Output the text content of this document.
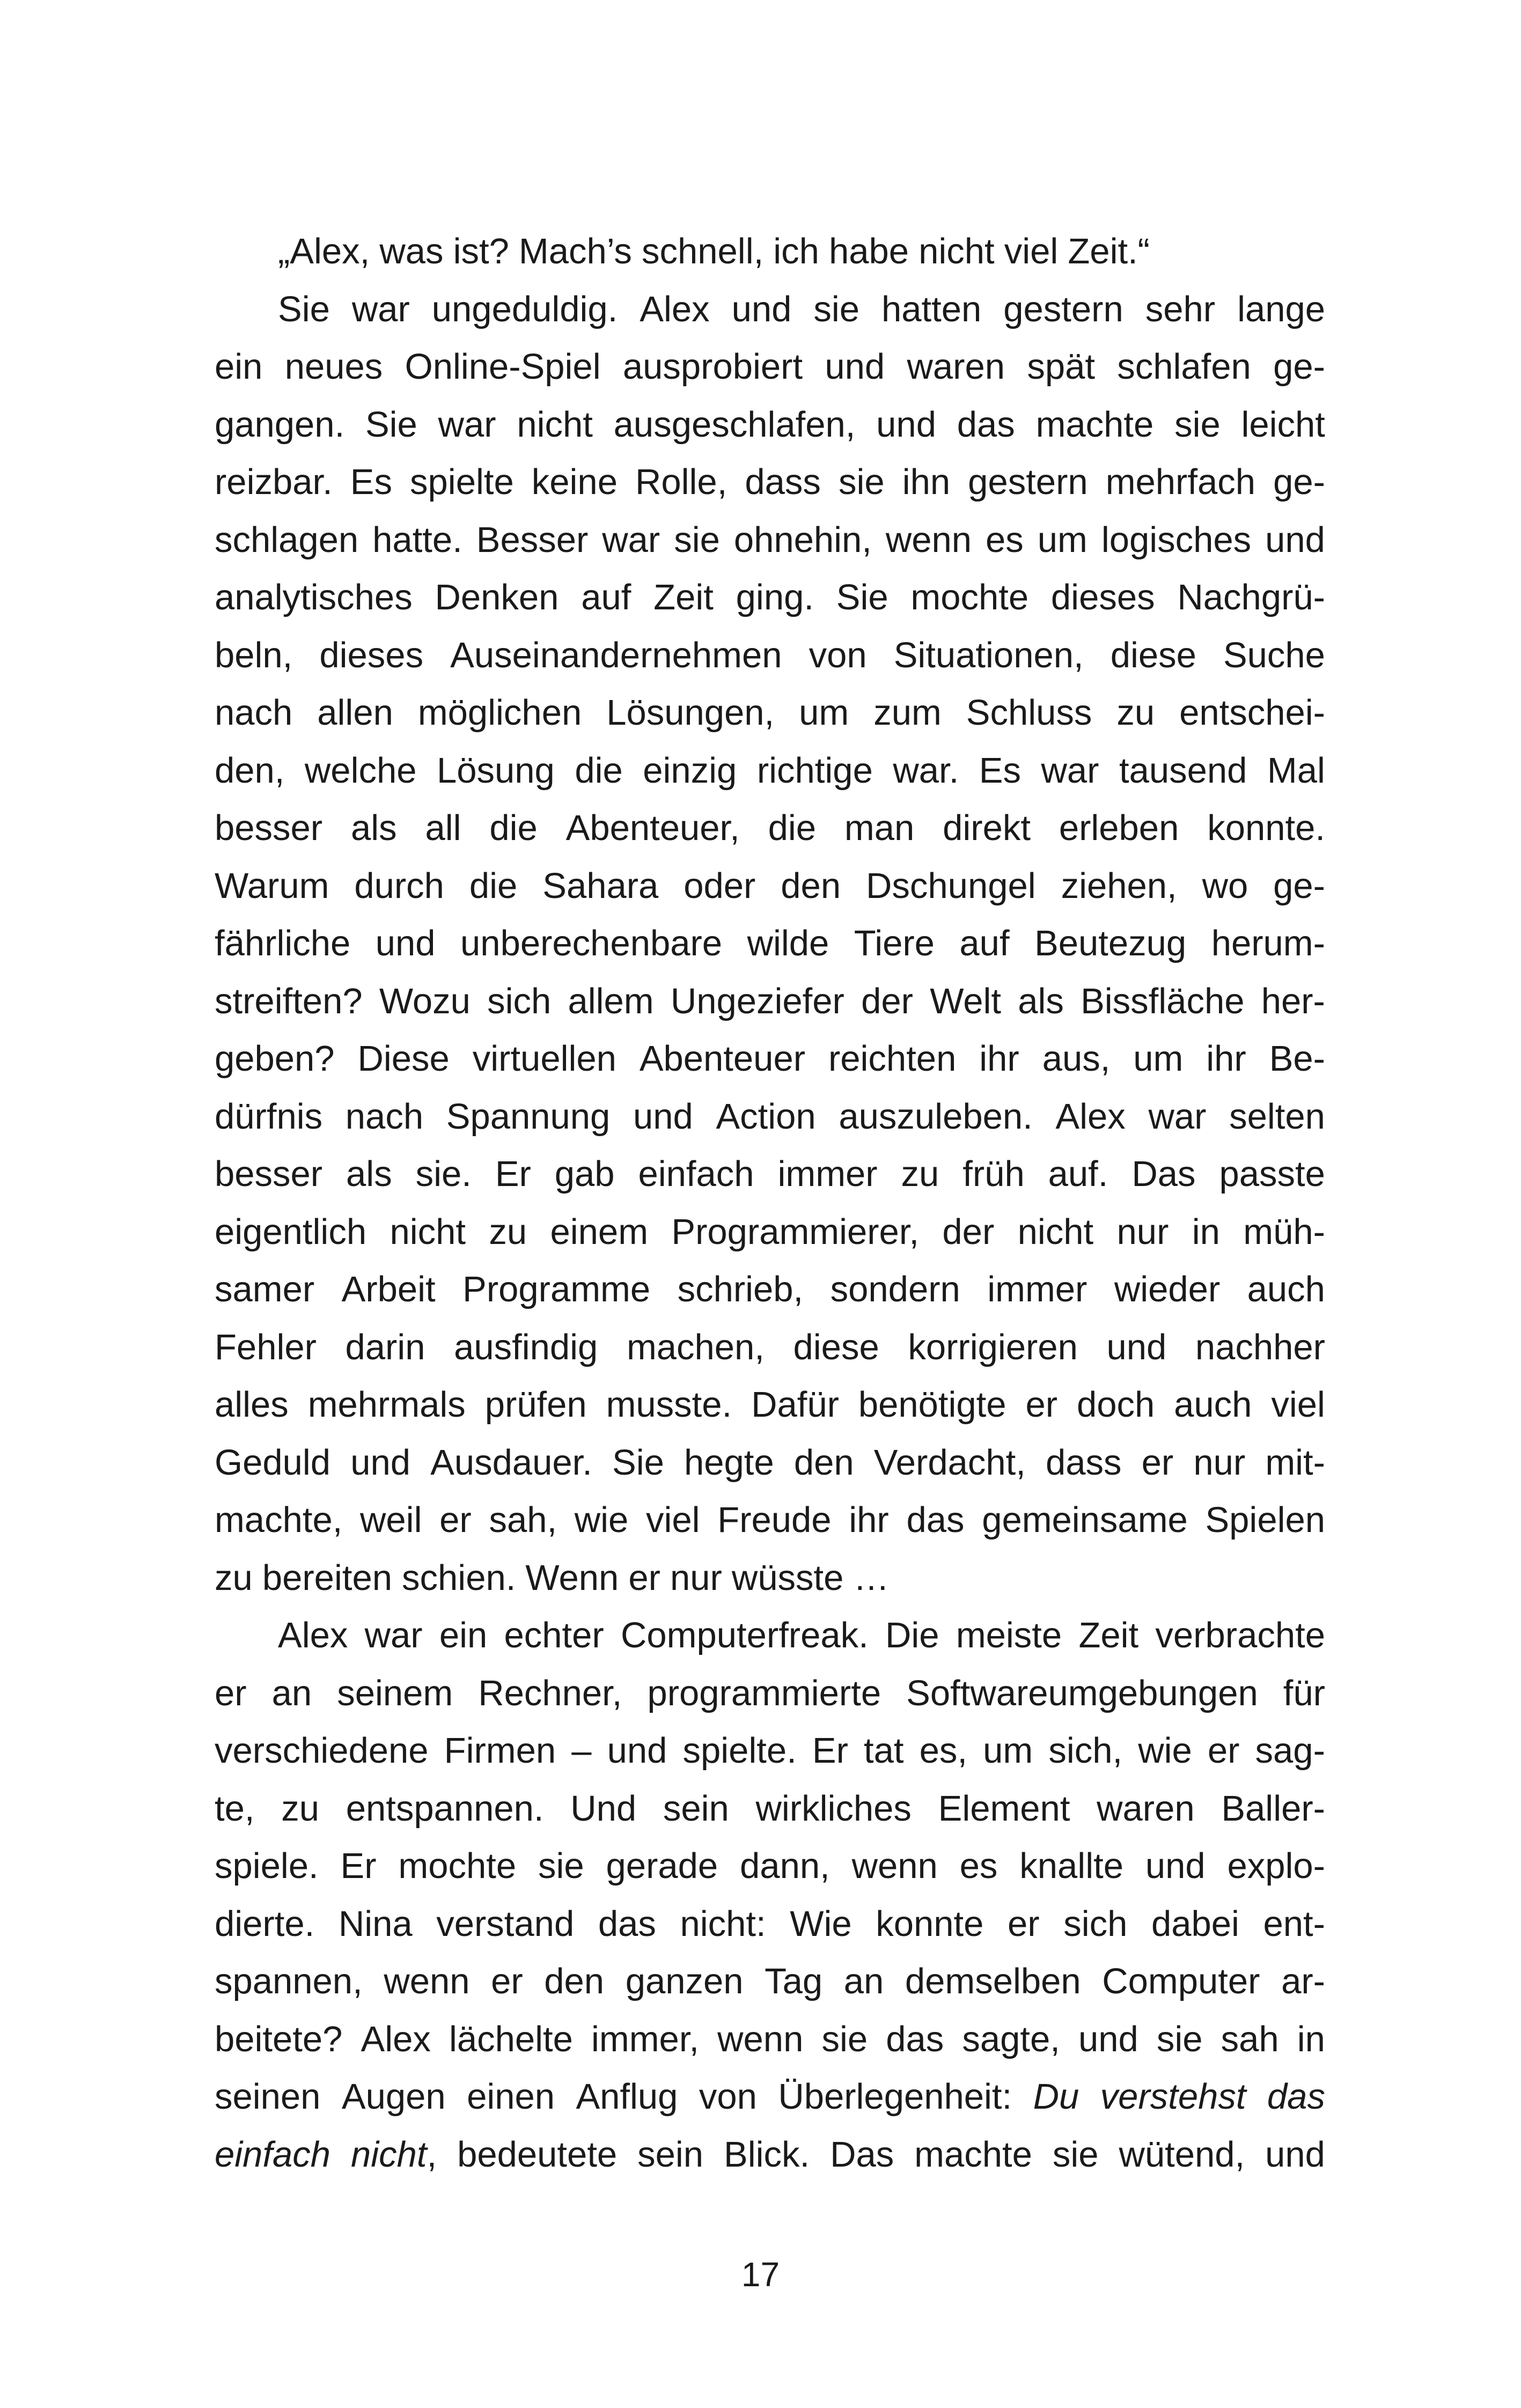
„Alex, was ist? Mach’s schnell, ich habe nicht viel Zeit.“
Sie war ungeduldig. Alex und sie hatten gestern sehr lange
ein neues Online-Spiel ausprobiert und waren spät schlafen ge-
gangen. Sie war nicht ausgeschlafen, und das machte sie leicht
reizbar. Es spielte keine Rolle, dass sie ihn gestern mehrfach ge-
schlagen hatte. Besser war sie ohnehin, wenn es um logisches und
analytisches Denken auf Zeit ging. Sie mochte dieses Nachgrü-
beln, dieses Auseinandernehmen von Situationen, diese Suche
nach allen möglichen Lösungen, um zum Schluss zu entschei-
den, welche Lösung die einzig richtige war. Es war tausend Mal
besser als all die Abenteuer, die man direkt erleben konnte.
Warum durch die Sahara oder den Dschungel ziehen, wo ge-
fährliche und unberechenbare wilde Tiere auf Beutezug herum-
streiften? Wozu sich allem Ungeziefer der Welt als Bissfläche her-
geben? Diese virtuellen Abenteuer reichten ihr aus, um ihr Be-
dürfnis nach Spannung und Action auszuleben. Alex war selten
besser als sie. Er gab einfach immer zu früh auf. Das passte
eigentlich nicht zu einem Programmierer, der nicht nur in müh-
samer Arbeit Programme schrieb, sondern immer wieder auch
Fehler darin ausfindig machen, diese korrigieren und nachher
alles mehrmals prüfen musste. Dafür benötigte er doch auch viel
Geduld und Ausdauer. Sie hegte den Verdacht, dass er nur mit-
machte, weil er sah, wie viel Freude ihr das gemeinsame Spielen
zu bereiten schien. Wenn er nur wüsste …
Alex war ein echter Computerfreak. Die meiste Zeit verbrachte
er an seinem Rechner, programmierte Softwareumgebungen für
verschiedene Firmen – und spielte. Er tat es, um sich, wie er sag-
te, zu entspannen. Und sein wirkliches Element waren Baller-
spiele. Er mochte sie gerade dann, wenn es knallte und explo-
dierte. Nina verstand das nicht: Wie konnte er sich dabei ent-
spannen, wenn er den ganzen Tag an demselben Computer ar-
beitete? Alex lächelte immer, wenn sie das sagte, und sie sah in
seinen Augen einen Anflug von Überlegenheit: Du verstehst das
einfach nicht, bedeutete sein Blick. Das machte sie wütend, und
17
